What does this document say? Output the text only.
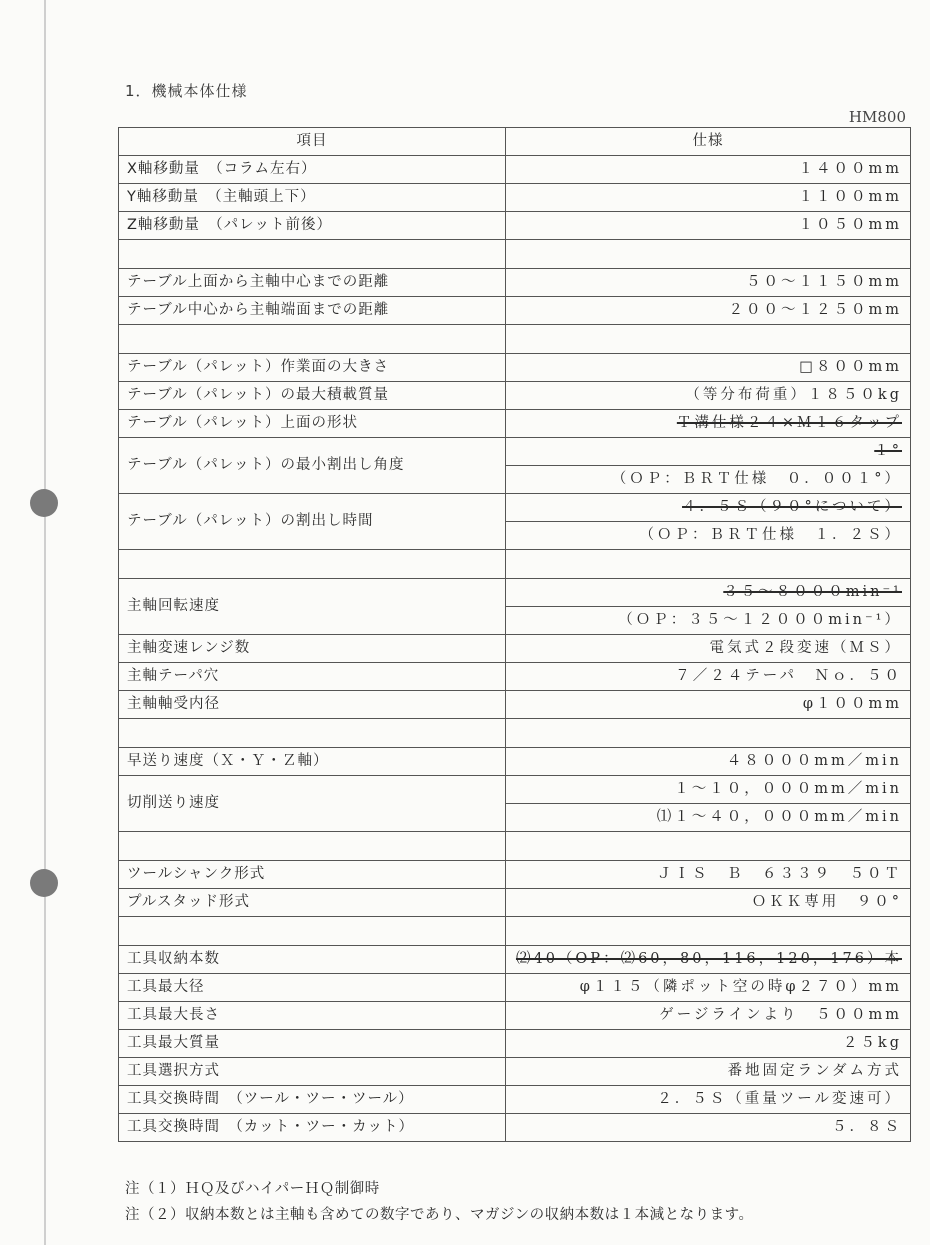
1．機械本体仕様
HM800
項目	仕様
X軸移動量　（コラム左右）	１４００mm
Y軸移動量　（主軸頭上下）	１１００mm
Z軸移動量　（パレット前後）	１０５０mm

テーブル上面から主軸中心までの距離	５０～１１５０mm
テーブル中心から主軸端面までの距離	２００～１２５０mm

テーブル（パレット）作業面の大きさ	□８００mm
テーブル（パレット）の最大積載質量	（等分布荷重）１８５０kg
テーブル（パレット）上面の形状	Ｔ溝仕様２４×Ｍ１６タップ
テーブル（パレット）の最小割出し角度	１°
	（ＯＰ：ＢＲＴ仕様　０．００１°）
テーブル（パレット）の割出し時間	４．５Ｓ（９０°について）
	（ＯＰ：ＢＲＴ仕様　１．２Ｓ）

主軸回転速度	３５～８０００min⁻¹
	（ＯＰ：３５～１２０００min⁻¹）
主軸変速レンジ数	電気式２段変速（ＭＳ）
主軸テーパ穴	７／２４テーパ　Ｎｏ．５０
主軸軸受内径	φ１００mm

早送り速度（Ｘ・Ｙ・Ｚ軸）	４８０００mm／min
切削送り速度	１～１０，０００mm／min
	⑴１～４０，０００mm／min

ツールシャンク形式	ＪＩＳ　Ｂ　６３３９　５０Ｔ
プルスタッド形式	ＯＫＫ専用　９０°

工具収納本数	⑵40（OP：⑵60，80，116，120，176）本
工具最大径	φ１１５（隣ポット空の時φ２７０）mm
工具最大長さ	ゲージラインより　５００mm
工具最大質量	２５kg
工具選択方式	番地固定ランダム方式
工具交換時間　（ツール・ツー・ツール）	２．５Ｓ（重量ツール変速可）
工具交換時間　（カット・ツー・カット）	５．８Ｓ
注（１）ＨＱ及びハイパーＨＱ制御時
注（２）収納本数とは主軸も含めての数字であり、マガジンの収納本数は１本減となります。
